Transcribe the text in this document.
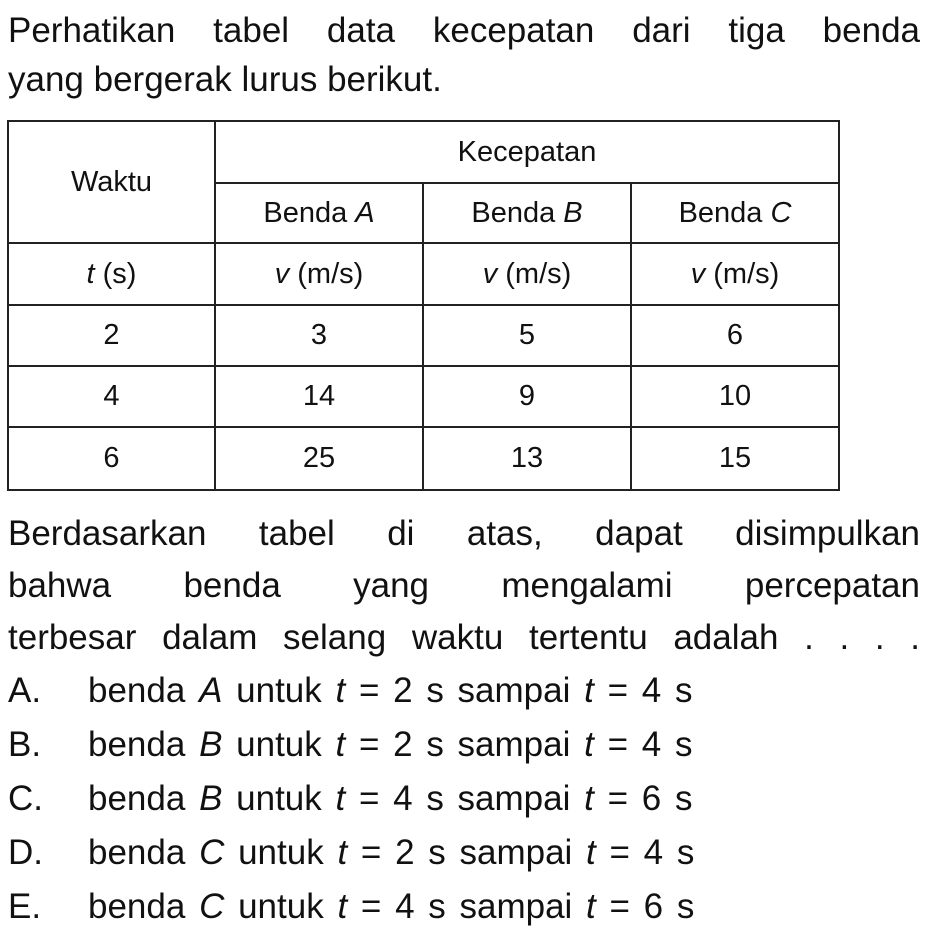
Perhatikan tabel data kecepatan dari tiga benda
yang bergerak lurus berikut.
Waktu	Kecepatan		
	Benda A	Benda B	Benda C
t (s)	v (m/s)	v (m/s)	v (m/s)
2	3	5	6
4	14	9	10
6	25	13	15
Berdasarkan tabel di atas, dapat disimpulkan
bahwa benda yang mengalami percepatan
terbesar dalam selang waktu tertentu adalah . . . .
A.	benda A untuk t = 2 s sampai t = 4 s
B.	benda B untuk t = 2 s sampai t = 4 s
C.	benda B untuk t = 4 s sampai t = 6 s
D.	benda C untuk t = 2 s sampai t = 4 s
E.	benda C untuk t = 4 s sampai t = 6 s
